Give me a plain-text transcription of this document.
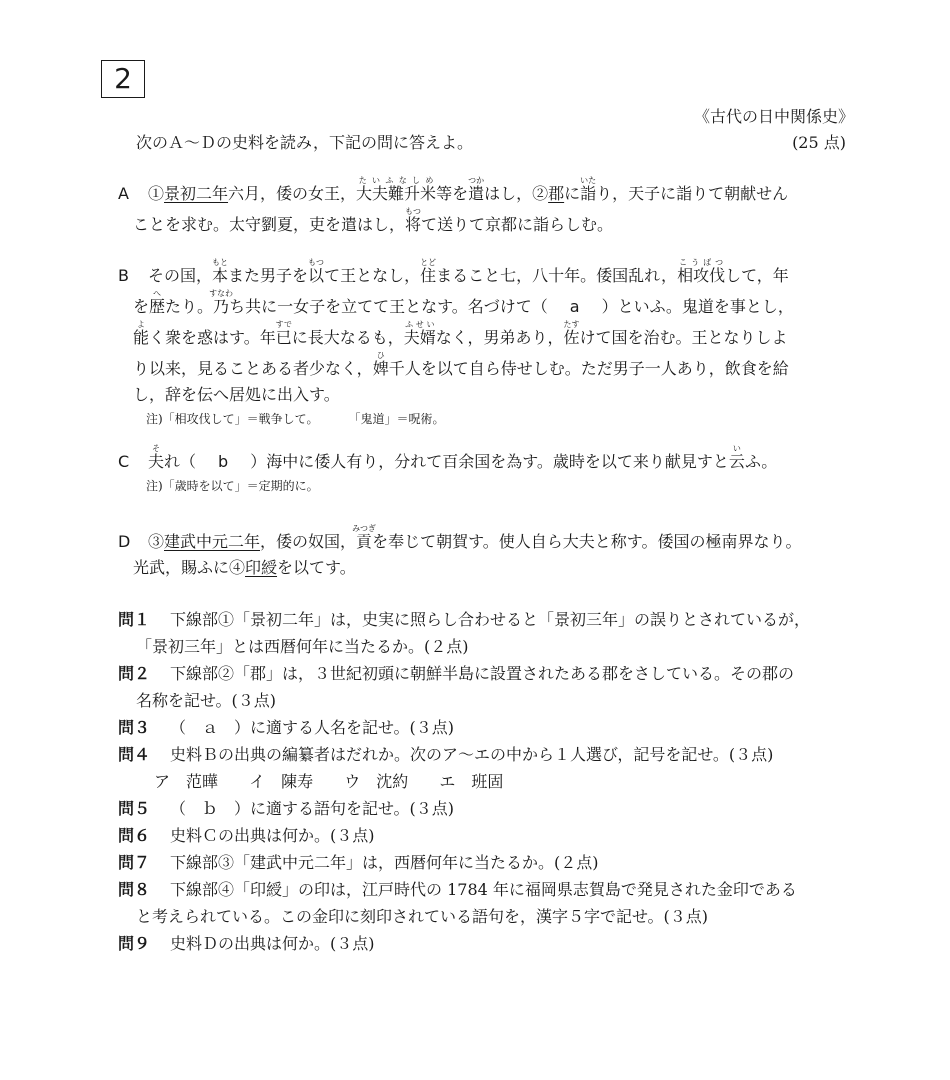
2
《古代の日中関係史》
次のＡ～Ｄの史料を読み，下記の問に答えよ。	(25 点)
A ①景初二年六月，倭の女王，大夫難升米たいふなしめ等を遣つかはし，②郡に詣いたり，天子に詣りて朝献せん
ことを求む。太守劉夏，吏を遣はし，将もつて送りて京都に詣らしむ。
B その国，本もとまた男子を以もつて王となし，住とどまること七，八十年。倭国乱れ，相攻伐こうばつして，年
を歴へたり。乃すなわち共に一女子を立てて王となす。名づけて（ a ）といふ。鬼道を事とし，
能よく衆を惑はす。年已すでに長大なるも，夫婿ふせいなく，男弟あり，佐たすけて国を治む。王となりしよ
り以来，見ることある者少なく，婢ひ千人を以て自ら侍せしむ。ただ男子一人あり，飲食を給
し，辞を伝へ居処に出入す。
注)「相攻伐して」＝戦争して。	「鬼道」＝呪術。
C 夫それ（ b ）海中に倭人有り，分れて百余国を為す。歳時を以て来り献見すと云いふ。
注)「歳時を以て」＝定期的に。
D ③建武中元二年，倭の奴国，貢みつぎを奉じて朝賀す。使人自ら大夫と称す。倭国の極南界なり。
光武，賜ふに④印綬を以てす。
問１ 下線部①「景初二年」は，史実に照らし合わせると「景初三年」の誤りとされているが，
「景初三年」とは西暦何年に当たるか。(２点)
問２ 下線部②「郡」は，３世紀初頭に朝鮮半島に設置されたある郡をさしている。その郡の
名称を記せ。(３点)
問３ （　ａ　）に適する人名を記せ。(３点)
問４ 史料Ｂの出典の編纂者はだれか。次のア～エの中から１人選び，記号を記せ。(３点)
ア　范曄 イ　陳寿 ウ　沈約 エ　班固
問５ （　ｂ　）に適する語句を記せ。(３点)
問６ 史料Ｃの出典は何か。(３点)
問７ 下線部③「建武中元二年」は，西暦何年に当たるか。(２点)
問８ 下線部④「印綬」の印は，江戸時代の 1784 年に福岡県志賀島で発見された金印である
と考えられている。この金印に刻印されている語句を，漢字５字で記せ。(３点)
問９ 史料Ｄの出典は何か。(３点)
